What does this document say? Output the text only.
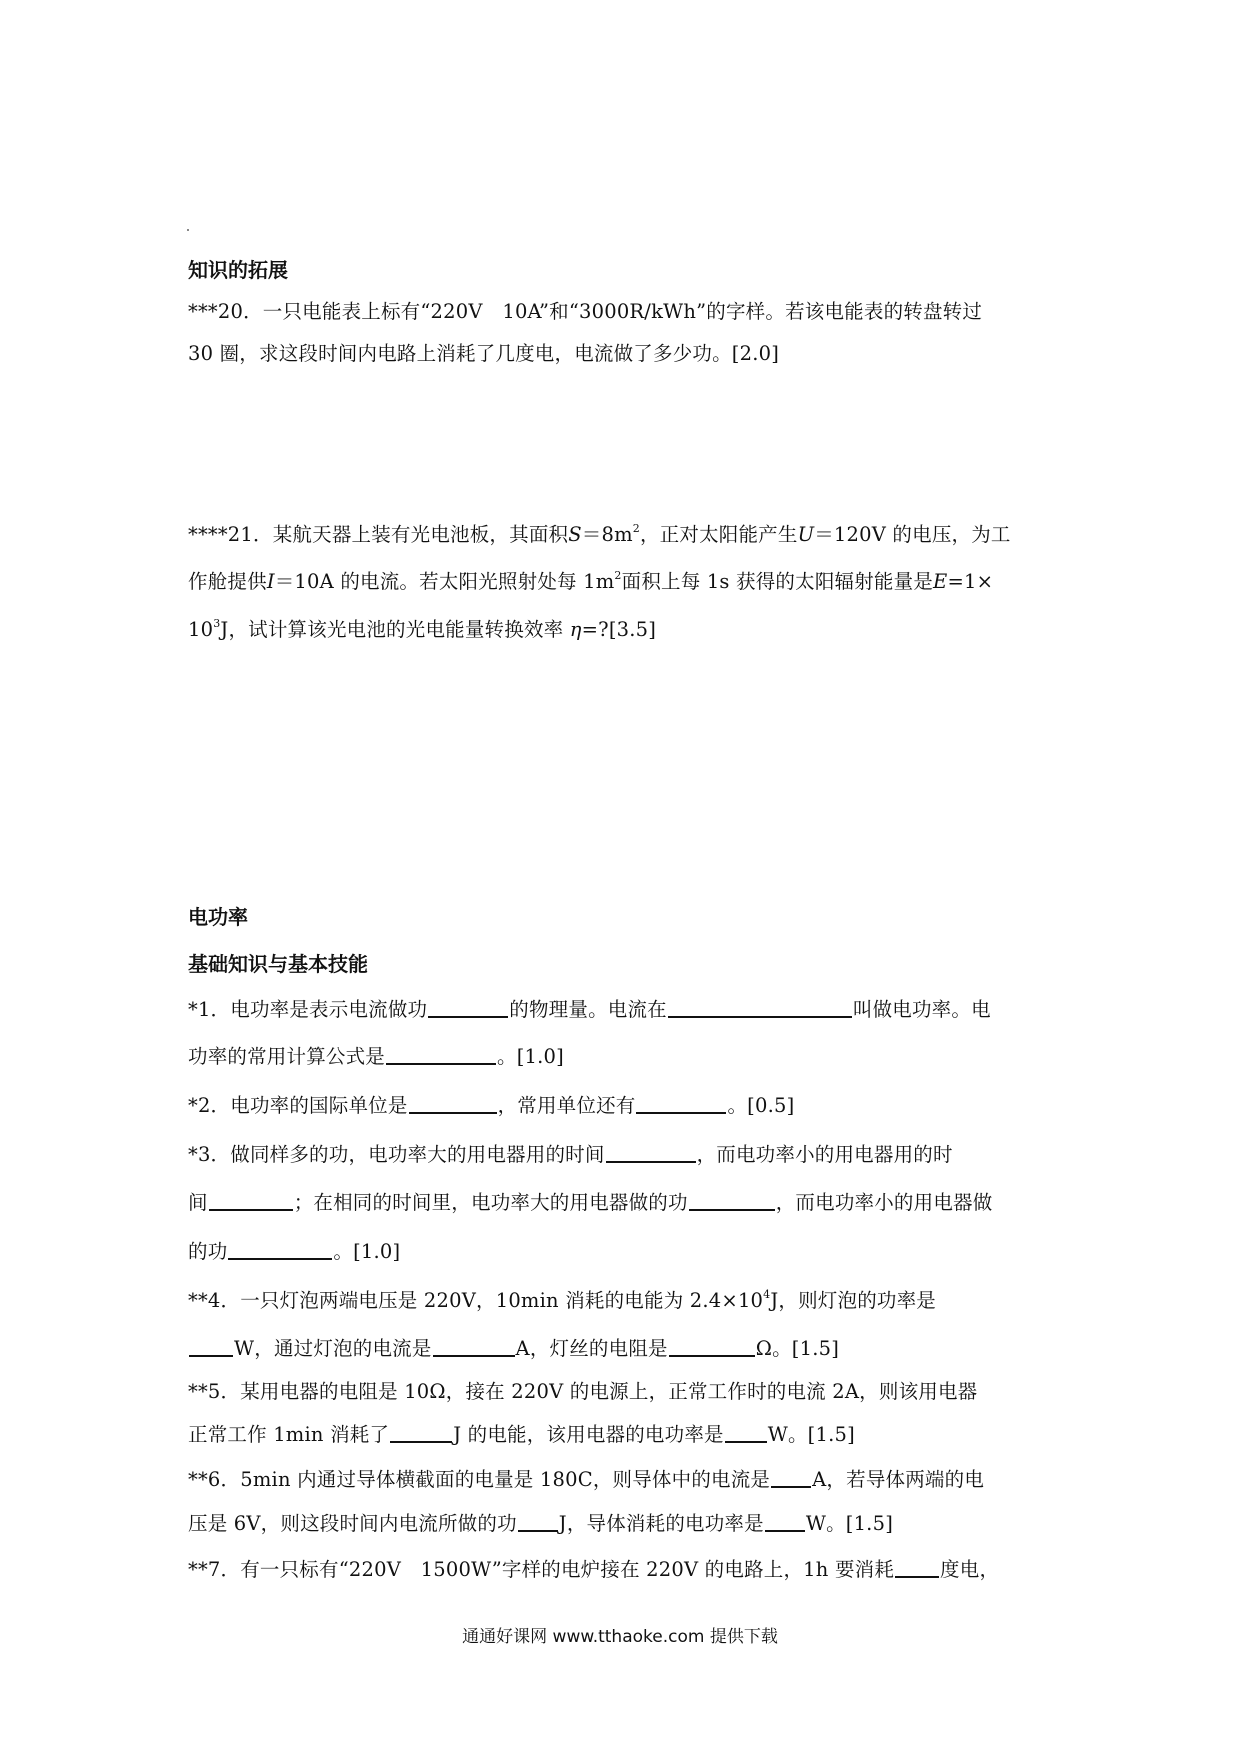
知识的拓展
***20．一只电能表上标有“220V　10A”和“3000R/kWh”的字样。若该电能表的转盘转过
30 圈，求这段时间内电路上消耗了几度电，电流做了多少功。[2.0]
****21．某航天器上装有光电池板，其面积$S=8m^2$，正对太阳能产生U＝120V 的电压，为工
作舱提供I＝10A 的电流。若太阳光照射处每 $1m^2$面积上每 1s 获得的太阳辐射能量是E=1×
$10^3J$，试计算该光电池的光电能量转换效率 η=?[3.5]
电功率
基础知识与基本技能
*1．电功率是表示电流做功	的物理量。电流在	叫做电功率。电
功率的常用计算公式是	。[1.0]
*2．电功率的国际单位是	，常用单位还有	。[0.5]
*3．做同样多的功，电功率大的用电器用的时间	，而电功率小的用电器用的时
间	；在相同的时间里，电功率大的用电器做的功	，而电功率小的用电器做
的功	。[1.0]
**4．一只灯泡两端电压是 220V，10min 消耗的电能为 $2.4\times 10^4J$，则灯泡的功率是
W，通过灯泡的电流是	A，灯丝的电阻是	Ω。[1.5]
**5．某用电器的电阻是 10Ω，接在 220V 的电源上，正常工作时的电流 2A，则该用电器
正常工作 1min 消耗了	J 的电能，该用电器的电功率是 W。[1.5]
**6．5min 内通过导体横截面的电量是 180C，则导体中的电流是 A，若导体两端的电
压是 6V，则这段时间内电流所做的功 J，导体消耗的电功率是 W。[1.5]
**7．有一只标有“220V　1500W”字样的电炉接在 220V 的电路上，1h 要消耗 度电，
通通好课网 www.tthaoke.com 提供下载
